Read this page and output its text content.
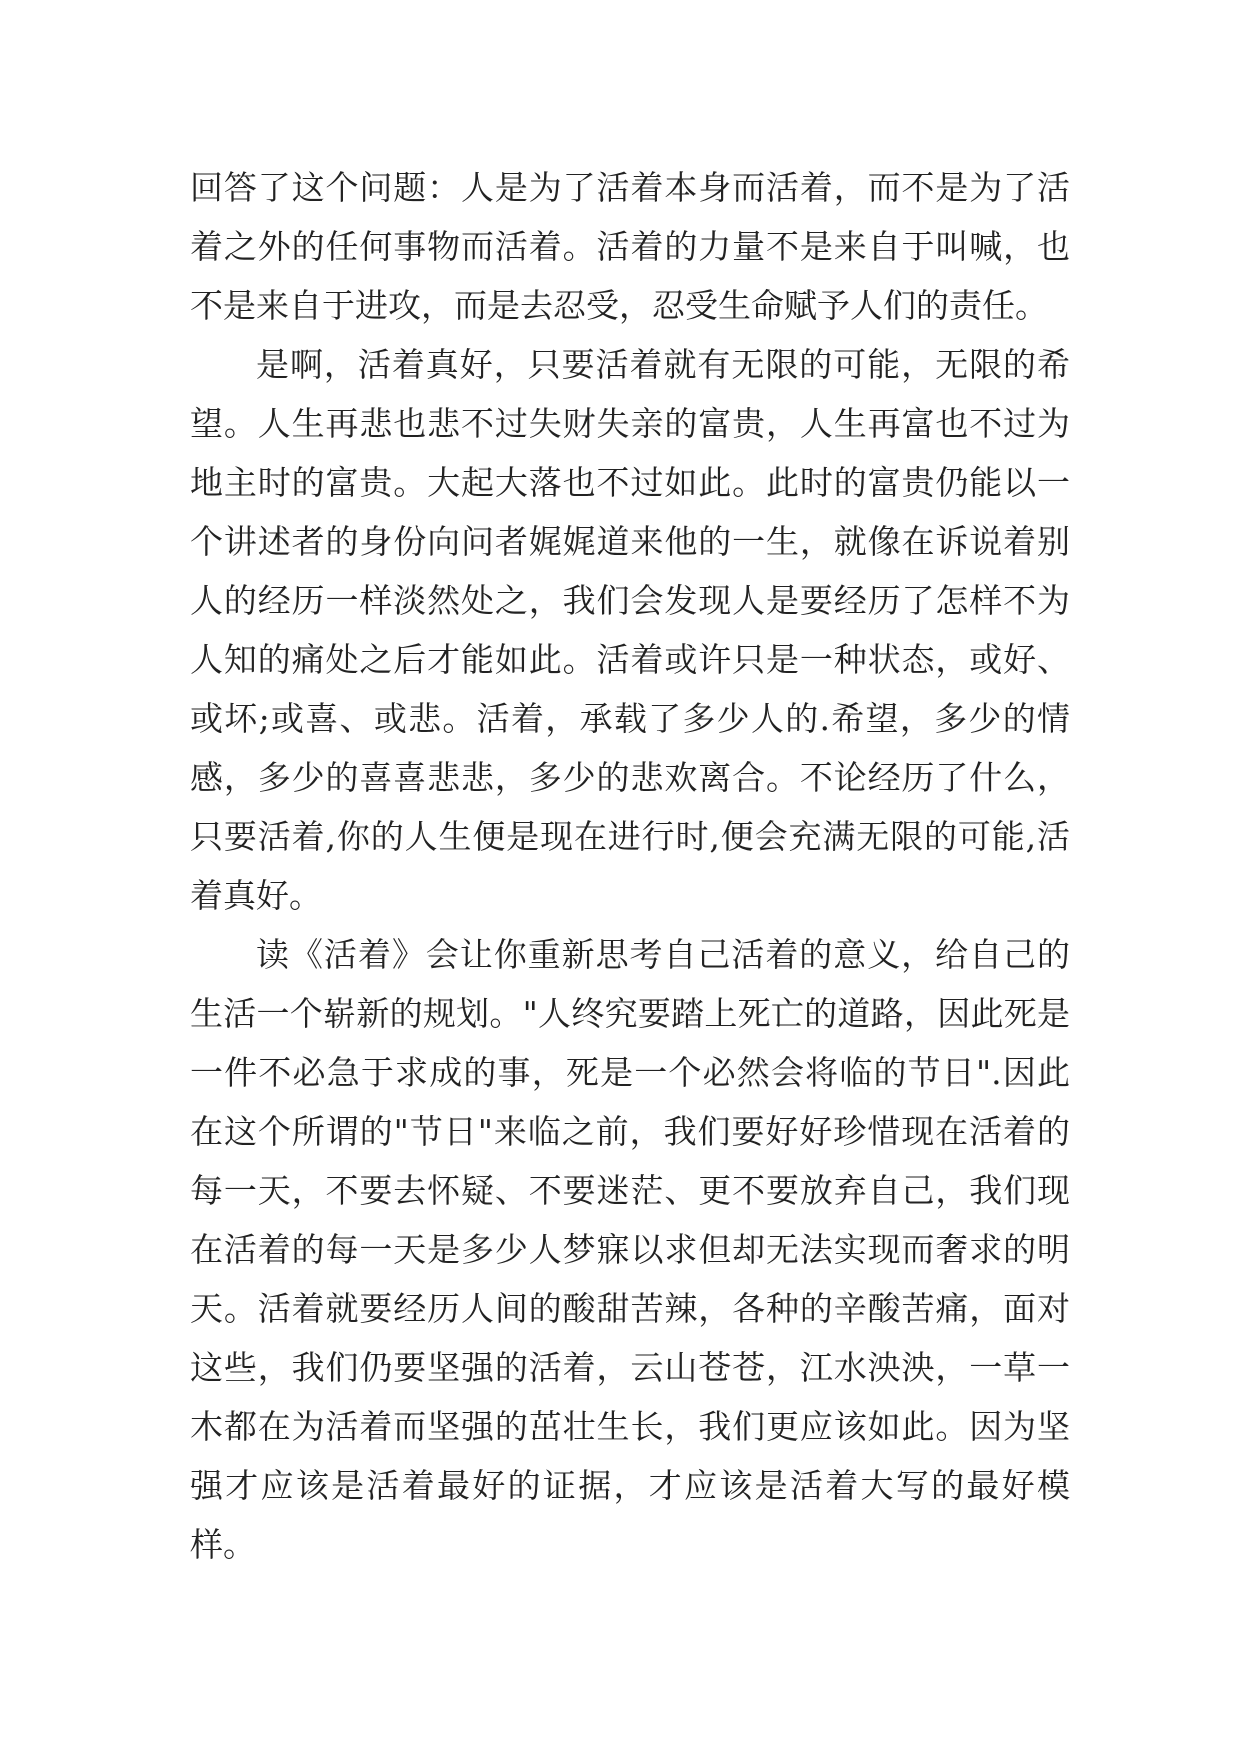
回答了这个问题：人是为了活着本身而活着，而不是为了活着之外的任何事物而活着。活着的力量不是来自于叫喊，也不是来自于进攻，而是去忍受，忍受生命赋予人们的责任。

是啊，活着真好，只要活着就有无限的可能，无限的希望。人生再悲也悲不过失财失亲的富贵，人生再富也不过为地主时的富贵。大起大落也不过如此。此时的富贵仍能以一个讲述者的身份向问者娓娓道来他的一生，就像在诉说着别人的经历一样淡然处之，我们会发现人是要经历了怎样不为人知的痛处之后才能如此。活着或许只是一种状态，或好、或坏;或喜、或悲。活着，承载了多少人的.希望，多少的情感，多少的喜喜悲悲，多少的悲欢离合。不论经历了什么，只要活着,你的人生便是现在进行时,便会充满无限的可能,活着真好。

读《活着》会让你重新思考自己活着的意义，给自己的生活一个崭新的规划。"人终究要踏上死亡的道路，因此死是一件不必急于求成的事，死是一个必然会将临的节日".因此在这个所谓的"节日"来临之前，我们要好好珍惜现在活着的每一天，不要去怀疑、不要迷茫、更不要放弃自己，我们现在活着的每一天是多少人梦寐以求但却无法实现而奢求的明天。活着就要经历人间的酸甜苦辣，各种的辛酸苦痛，面对这些，我们仍要坚强的活着，云山苍苍，江水泱泱，一草一木都在为活着而坚强的茁壮生长，我们更应该如此。因为坚强才应该是活着最好的证据，才应该是活着大写的最好模样。
